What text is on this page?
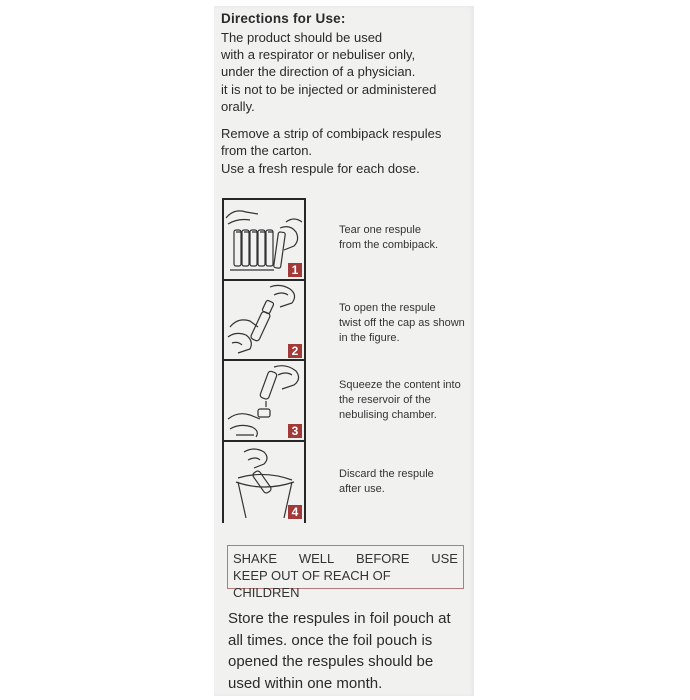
Directions for Use:
The product should be used
with a respirator or nebuliser only,
under the direction of a physician.
it is not to be injected or administered
orally.
Remove a strip of combipack respules
from the carton.
Use a fresh respule for each dose.
1
2
3
4
Tear one respule
from the combipack.
To open the respule
twist off the cap as shown
in the figure.
Squeeze the content into
the reservoir of the
nebulising chamber.
Discard the respule
after use.
SHAKE WELL BEFORE USE
KEEP OUT OF REACH OF CHILDREN
Store the respules in foil pouch at
all times. once the foil pouch is
opened the respules should be
used within one month.
